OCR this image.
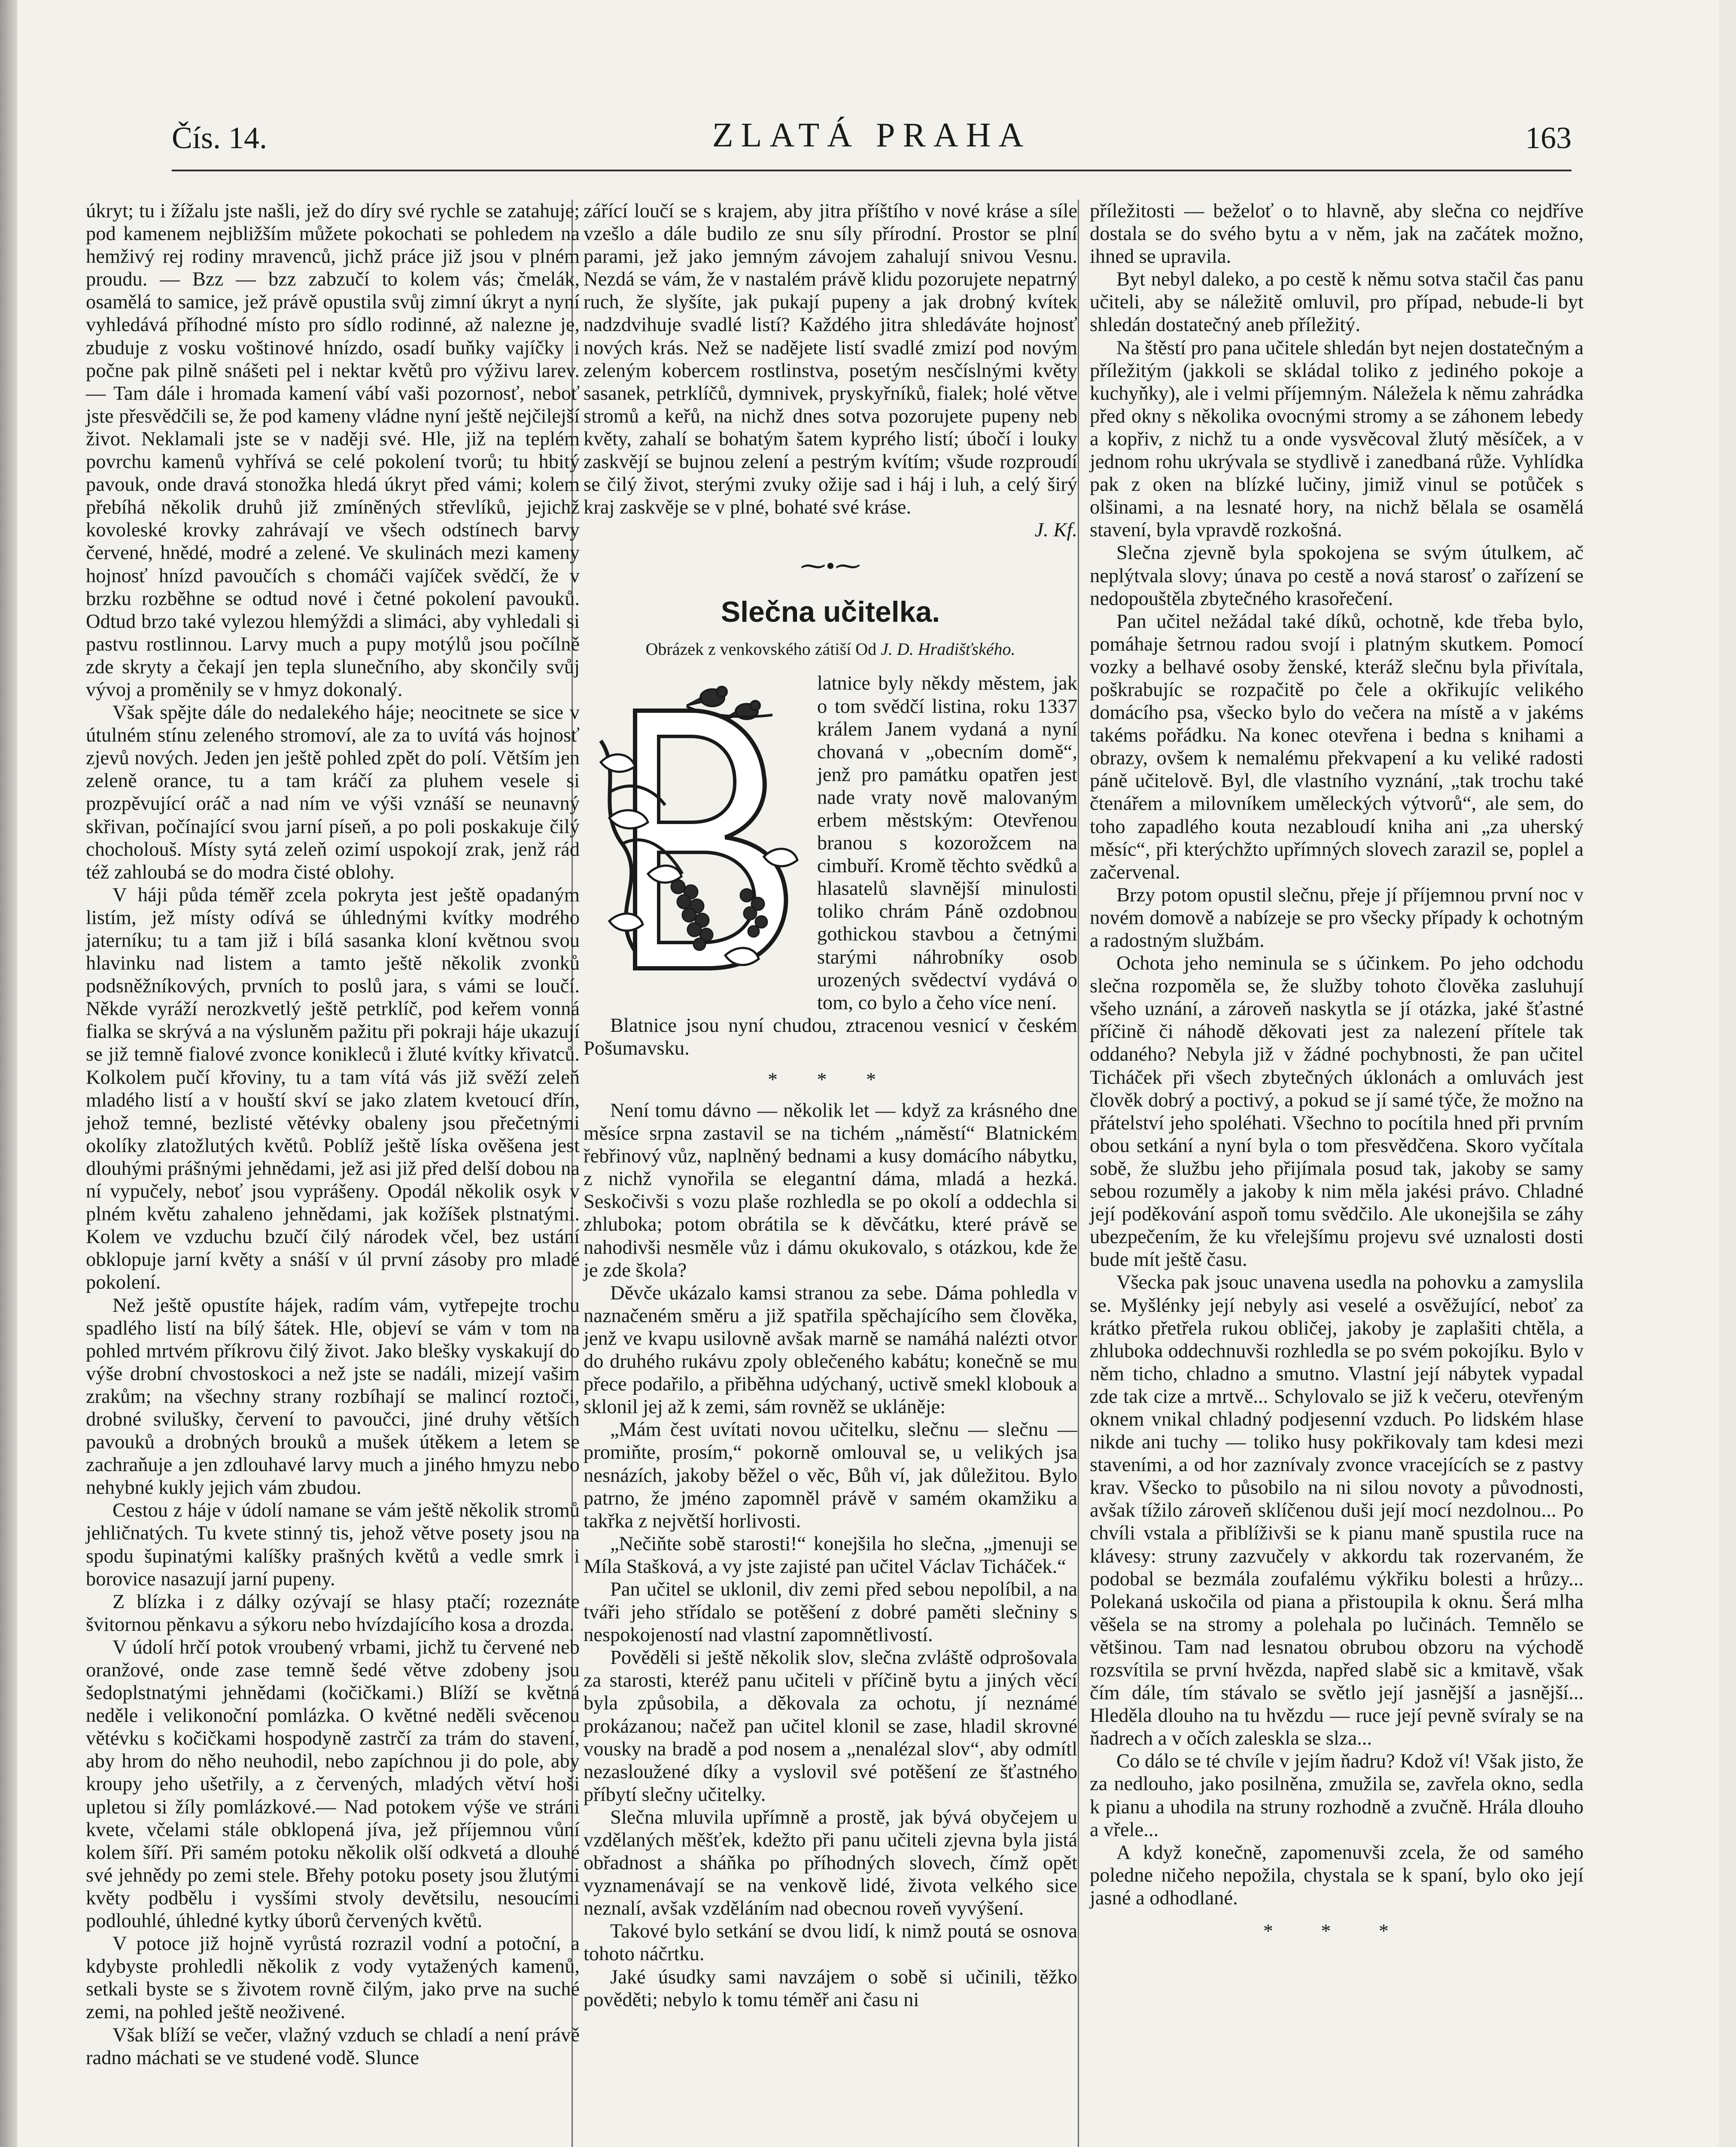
Čís. 14.	ZLATÁ PRAHA	163

úkryt; tu i žížalu jste našli, jež do díry své rychle se zatahuje; pod kamenem nejbližším můžete pokochati se pohledem na hemživý rej rodiny mravenců, jichž práce již jsou v plném proudu. — Bzz — bzz zabzučí to kolem vás; čmelák, osamělá to samice, jež právě opustila svůj zimní úkryt a nyní vyhledává příhodné místo pro sídlo rodinné, až nalezne je, zbuduje z vosku voštinové hnízdo, osadí buňky vajíčky i počne pak pilně snášeti pel i nektar květů pro výživu larev. — Tam dále i hromada kamení vábí vaši pozornosť, neboť jste přesvědčili se, že pod kameny vládne nyní ještě nejčilejší život. Neklamali jste se v naději své. Hle, již na teplém povrchu kamenů vyhřívá se celé pokolení tvorů; tu hbitý pavouk, onde dravá stonožka hledá úkryt před vámi; kolem přebíhá několik druhů již zmíněných střevlíků, jejichž kovoleské krovky zahrávají ve všech odstínech barvy červené, hnědé, modré a zelené. Ve skulinách mezi kameny hojnosť hnízd pavoučích s chomáči vajíček svědčí, že v brzku rozběhne se odtud nové i četné pokolení pavouků. Odtud brzo také vylezou hlemýždi a slimáci, aby vyhledali si pastvu rostlinnou. Larvy much a pupy motýlů jsou počílně zde skryty a čekají jen tepla slunečního, aby skončily svůj vývoj a proměnily se v hmyz dokonalý.

Však spějte dále do nedalekého háje; neocitnete se sice v útulném stínu zeleného stromoví, ale za to uvítá vás hojnosť zjevů nových. Jeden jen ještě pohled zpět do polí. Větším jen zeleně orance, tu a tam kráčí za pluhem vesele si prozpěvující oráč a nad ním ve výši vznáší se neunavný skřivan, počínající svou jarní píseň, a po poli poskakuje čilý chocholouš. Místy sytá zeleň ozimí uspokojí zrak, jenž rád též zahloubá se do modra čisté oblohy.

V háji půda téměř zcela pokryta jest ještě opadaným listím, jež místy odívá se úhlednými kvítky modrého jaterníku; tu a tam již i bílá sasanka kloní květnou svou hlavinku nad listem a tamto ještě několik zvonků podsněžníkových, prvních to poslů jara, s vámi se loučí. Někde vyráží nerozkvetlý ještě petrklíč, pod keřem vonná fialka se skrývá a na výsluněm pažitu při pokraji háje ukazují se již temně fialové zvonce konikleců i žluté kvítky křivatců. Kolkolem pučí křoviny, tu a tam vítá vás již svěží zeleň mladého listí a v houští skví se jako zlatem kvetoucí dřín, jehož temné, bezlisté větévky obaleny jsou přečetnými okolíky zlatožlutých květů. Poblíž ještě líska ověšena jest dlouhými prášnými jehnědami, jež asi již před delší dobou na ní vypučely, neboť jsou vyprášeny. Opodál několik osyk v plném květu zahaleno jehnědami, jak kožíšek plstnatými. Kolem ve vzduchu bzučí čilý národek včel, bez ustání obklopuje jarní květy a snáší v úl první zásoby pro mladé pokolení.

Než ještě opustíte hájek, radím vám, vytřepejte trochu spadlého listí na bílý šátek. Hle, objeví se vám v tom na pohled mrtvém příkrovu čilý život. Jako blešky vyskakují do výše drobní chvostoskoci a než jste se nadáli, mizejí vašim zrakům; na všechny strany rozbíhají se malincí roztoči, drobné svilušky, červení to pavoučci, jiné druhy větších pavouků a drobných brouků a mušek útěkem a letem se zachraňuje a jen zdlouhavé larvy much a jiného hmyzu nebo nehybné kukly jejich vám zbudou.

Cestou z háje v údolí namane se vám ještě několik stromů jehličnatých. Tu kvete stinný tis, jehož větve posety jsou na spodu šupinatými kalíšky prašných květů a vedle smrk i borovice nasazují jarní pupeny.

Z blízka i z dálky ozývají se hlasy ptačí; rozeznáte švitornou pěnkavu a sýkoru nebo hvízdajícího kosa a drozda.

V údolí hrčí potok vroubený vrbami, jichž tu červené neb oranžové, onde zase temně šedé větve zdobeny jsou šedoplstnatými jehnědami (kočičkami.) Blíží se květná neděle i velikonoční pomlázka. O květné neděli svěcenou větévku s kočičkami hospodyně zastrčí za trám do stavení, aby hrom do něho neuhodil, nebo zapíchnou ji do pole, aby kroupy jeho ušetřily, a z červených, mladých větví hoši upletou si žíly pomlázkové.— Nad potokem výše ve stráni kvete, včelami stále obklopená jíva, jež příjemnou vůní kolem šíří. Při samém potoku několik olší odkvetá a dlouhé své jehnědy po zemi stele. Břehy potoku posety jsou žlutými květy podbělu i vysšími stvoly devětsilu, nesoucími podlouhlé, úhledné kytky úborů červených květů.

V potoce již hojně vyrůstá rozrazil vodní a potoční, a kdybyste prohledli několik z vody vytažených kamenů, setkali byste se s životem rovně čilým, jako prve na suché zemi, na pohled ještě neoživené.

Však blíží se večer, vlažný vzduch se chladí a není právě radno máchati se ve studené vodě. Slunce

zářící loučí se s krajem, aby jitra příštího v nové kráse a síle vzešlo a dále budilo ze snu síly přírodní. Prostor se plní parami, jež jako jemným závojem zahalují snivou Vesnu. Nezdá se vám, že v nastalém právě klidu pozorujete nepatrný ruch, že slyšíte, jak pukají pupeny a jak drobný kvítek nadzdvihuje svadlé listí? Každého jitra shledáváte hojnosť nových krás. Než se nadějete listí svadlé zmizí pod novým zeleným kobercem rostlinstva, posetým nesčíslnými květy sasanek, petrklíčů, dymnivek, pryskyřníků, fialek; holé větve stromů a keřů, na nichž dnes sotva pozorujete pupeny neb květy, zahalí se bohatým šatem kyprého listí; úbočí i louky zaskvějí se bujnou zelení a pestrým kvítím; všude rozproudí se čilý život, sterými zvuky ožije sad i háj i luh, a celý širý kraj zaskvěje se v plné, bohaté své kráse.

J. Kf.

⁓•⁓
Slečna učitelka.
Obrázek z venkovského zátiší Od J. D. Hradišťského.

latnice byly někdy městem, jak o tom svědčí listina, roku 1337 králem Janem vydaná a nyní chovaná v „obecním domě“, jenž pro památku opatřen jest nade vraty nově malovaným erbem městským: Otevřenou branou s kozorožcem na cimbuří. Kromě těchto svědků a hlasatelů slavnější minulosti toliko chrám Páně ozdobnou gothickou stavbou a četnými starými náhrobníky osob urozených svědectví vydává o tom, co bylo a čeho více není.

Blatnice jsou nyní chudou, ztracenou vesnicí v českém Pošumavsku.

* * *

Není tomu dávno — několik let — když za krásného dne měsíce srpna zastavil se na tichém „náměstí“ Blatnickém řebřinový vůz, naplněný bednami a kusy domácího nábytku, z nichž vynořila se elegantní dáma, mladá a hezká. Seskočivši s vozu plaše rozhledla se po okolí a oddechla si zhluboka; potom obrátila se k děvčátku, které právě se nahodivši nesměle vůz i dámu okukovalo, s otázkou, kde že je zde škola?

Děvče ukázalo kamsi stranou za sebe. Dáma pohledla v naznačeném směru a již spatřila spěchajícího sem člověka, jenž ve kvapu usilovně avšak marně se namáhá nalézti otvor do druhého rukávu zpoly oblečeného kabátu; konečně se mu přece podařilo, a přiběhna udýchaný, uctivě smekl klobouk a sklonil jej až k zemi, sám rovněž se ukláněje:

„Mám čest uvítati novou učitelku, slečnu — slečnu — promiňte, prosím,“ pokorně omlouval se, u velikých jsa nesnázích, jakoby běžel o věc, Bůh ví, jak důležitou. Bylo patrno, že jméno zapomněl právě v samém okamžiku a takřka z největší horlivosti.

„Nečiňte sobě starosti!“ konejšila ho slečna, „jmenuji se Míla Stašková, a vy jste zajisté pan učitel Václav Ticháček.“

Pan učitel se uklonil, div zemi před sebou nepolíbil, a na tváři jeho střídalo se potěšení z dobré paměti slečniny s nespokojeností nad vlastní zapomnětlivostí.

Pověděli si ještě několik slov, slečna zvláště odprošovala za starosti, kteréž panu učiteli v příčině bytu a jiných věcí byla způsobila, a děkovala za ochotu, jí neznámé prokázanou; načež pan učitel klonil se zase, hladil skrovné vousky na bradě a pod nosem a „nenalézal slov“, aby odmítl nezasloužené díky a vyslovil své potěšení ze šťastného příbytí slečny učitelky.

Slečna mluvila upřímně a prostě, jak bývá obyčejem u vzdělaných měšťek, kdežto při panu učiteli zjevna byla jistá obřadnost a sháňka po příhodných slovech, čímž opět vyznamenávají se na venkově lidé, života velkého sice neznalí, avšak vzděláním nad obecnou roveň vyvýšení.

Takové bylo setkání se dvou lidí, k nimž poutá se osnova tohoto náčrtku.

Jaké úsudky sami navzájem o sobě si učinili, těžko pověděti; nebylo k tomu téměř ani času ni

příležitosti — beželoť o to hlavně, aby slečna co nejdříve dostala se do svého bytu a v něm, jak na začátek možno, ihned se upravila.

Byt nebyl daleko, a po cestě k němu sotva stačil čas panu učiteli, aby se náležitě omluvil, pro případ, nebude-li byt shledán dostatečný aneb příležitý.

Na štěstí pro pana učitele shledán byt nejen dostatečným a příležitým (jakkoli se skládal toliko z jediného pokoje a kuchyňky), ale i velmi příjemným. Náležela k němu zahrádka před okny s několika ovocnými stromy a se záhonem lebedy a kopřiv, z nichž tu a onde vysvěcoval žlutý měsíček, a v jednom rohu ukrývala se stydlivě i zanedbaná růže. Vyhlídka pak z oken na blízké lučiny, jimiž vinul se potůček s olšinami, a na lesnaté hory, na nichž bělala se osamělá stavení, byla vpravdě rozkošná.

Slečna zjevně byla spokojena se svým útulkem, ač neplýtvala slovy; únava po cestě a nová starosť o zařízení se nedopouštěla zbytečného krasořečení.

Pan učitel nežádal také díků, ochotně, kde třeba bylo, pomáhaje šetrnou radou svojí i platným skutkem. Pomocí vozky a belhavé osoby ženské, kteráž slečnu byla přivítala, poškrabujíc se rozpačitě po čele a okřikujíc velikého domácího psa, všecko bylo do večera na místě a v jakéms takéms pořádku. Na konec otevřena i bedna s knihami a obrazy, ovšem k nemalému překvapení a ku veliké radosti páně učitelově. Byl, dle vlastního vyznání, „tak trochu také čtenářem a milovníkem uměleckých výtvorů“, ale sem, do toho zapadlého kouta nezabloudí kniha ani „za uherský měsíc“, při kterýchžto upřímných slovech zarazil se, poplel a začervenal.

Brzy potom opustil slečnu, přeje jí příjemnou první noc v novém domově a nabízeje se pro všecky případy k ochotným a radostným službám.

Ochota jeho neminula se s účinkem. Po jeho odchodu slečna rozpoměla se, že služby tohoto člověka zasluhují všeho uznání, a zároveň naskytla se jí otázka, jaké šťastné příčině či náhodě děkovati jest za nalezení přítele tak oddaného? Nebyla již v žádné pochybnosti, že pan učitel Ticháček při všech zbytečných úklonách a omluvách jest člověk dobrý a poctivý, a pokud se jí samé týče, že možno na přátelství jeho spoléhati. Všechno to pocítila hned při prvním obou setkání a nyní byla o tom přesvědčena. Skoro vyčítala sobě, že službu jeho přijímala posud tak, jakoby se samy sebou rozuměly a jakoby k nim měla jakési právo. Chladné její poděkování aspoň tomu svědčilo. Ale ukonejšila se záhy ubezpečením, že ku vřelejšímu projevu své uznalosti dosti bude mít ještě času.

Všecka pak jsouc unavena usedla na pohovku a zamyslila se. Myšlénky její nebyly asi veselé a osvěžující, neboť za krátko přetřela rukou obličej, jakoby je zaplašiti chtěla, a zhluboka oddechnuvši rozhledla se po svém pokojíku. Bylo v něm ticho, chladno a smutno. Vlastní její nábytek vypadal zde tak cize a mrtvě... Schylovalo se již k večeru, otevřeným oknem vnikal chladný podjesenní vzduch. Po lidském hlase nikde ani tuchy — toliko husy pokřikovaly tam kdesi mezi staveními, a od hor zaznívaly zvonce vracejících se z pastvy krav. Všecko to působilo na ni silou novoty a původnosti, avšak tížilo zároveň sklíčenou duši její mocí nezdolnou... Po chvíli vstala a přiblíživši se k pianu maně spustila ruce na klávesy: struny zazvučely v akkordu tak rozervaném, že podobal se bezmála zoufalému výkřiku bolesti a hrůzy... Polekaná uskočila od piana a přistoupila k oknu. Šerá mlha věšela se na stromy a polehala po lučinách. Temnělo se většinou. Tam nad lesnatou obrubou obzoru na východě rozsvítila se první hvězda, napřed slabě sic a kmitavě, však čím dále, tím stávalo se světlo její jasnější a jasnější... Hleděla dlouho na tu hvězdu — ruce její pevně svíraly se na ňadrech a v očích zaleskla se slza...

Co dálo se té chvíle v jejím ňadru? Kdož ví! Však jisto, že za nedlouho, jako posilněna, zmužila se, zavřela okno, sedla k pianu a uhodila na struny rozhodně a zvučně. Hrála dlouho a vřele...

A když konečně, zapomenuvši zcela, že od samého poledne ničeho nepožila, chystala se k spaní, bylo oko její jasné a odhodlané.

* * *
